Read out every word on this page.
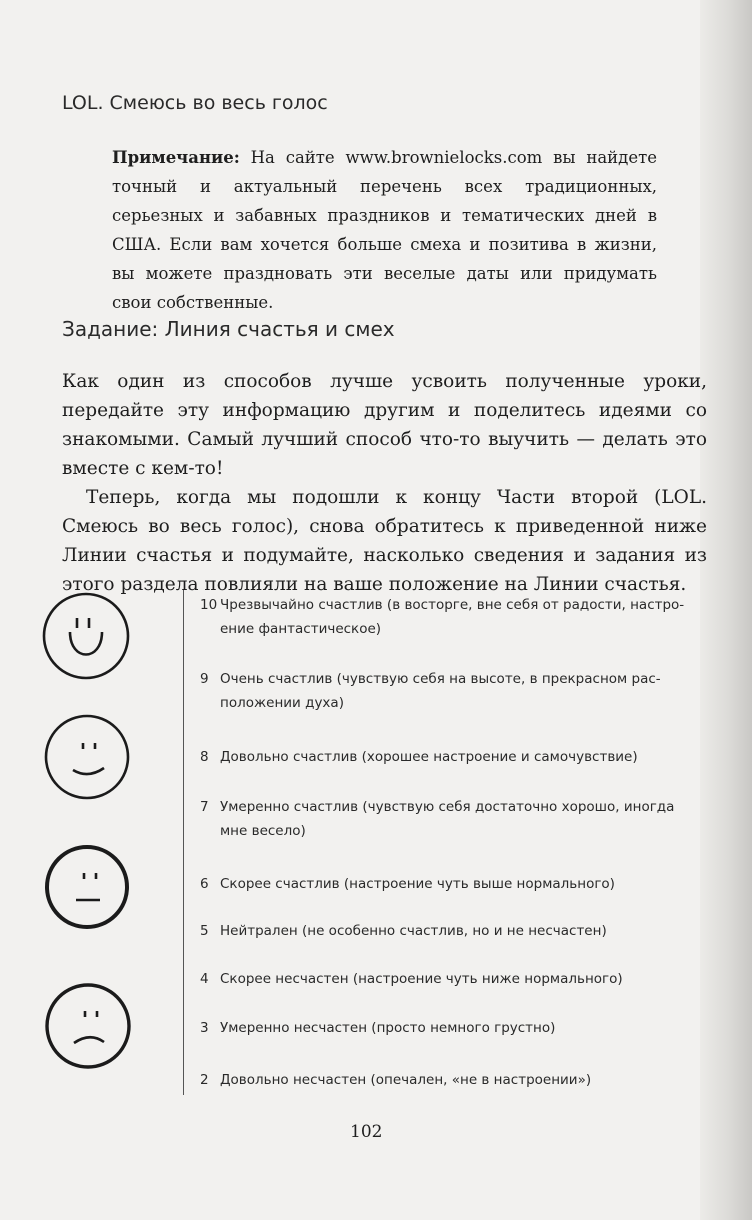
LOL. Смеюсь во весь голос
Примечание: На сайте www.brownielocks.com вы найдете точный и актуальный перечень всех традиционных, серьезных и забавных праздников и тематических дней в США. Если вам хочется больше смеха и позитива в жизни, вы можете праздновать эти веселые даты или придумать свои собственные.
Задание: Линия счастья и смех

Как один из способов лучше усвоить полученные уроки, передайте эту информацию другим и поделитесь идеями со знакомыми. Самый лучший способ что-то выучить — делать это вместе с кем-то!

Теперь, когда мы подошли к концу Части второй (LOL. Смеюсь во весь голос), снова обратитесь к приведенной ниже Линии счастья и подумайте, насколько сведения и задания из этого раздела повлияли на ваше положение на Линии счастья.

10 Чрезвычайно счастлив (в восторге, вне себя от радости, настро-
ение фантастическое)
9 Очень счастлив (чувствую себя на высоте, в прекрасном рас-
положении духа)
8 Довольно счастлив (хорошее настроение и самочувствие)
7 Умеренно счастлив (чувствую себя достаточно хорошо, иногда
мне весело)
6 Скорее счастлив (настроение чуть выше нормального)
5 Нейтрален (не особенно счастлив, но и не несчастен)
4 Скорее несчастен (настроение чуть ниже нормального)
3 Умеренно несчастен (просто немного грустно)
2 Довольно несчастен (опечален, «не в настроении»)
102
